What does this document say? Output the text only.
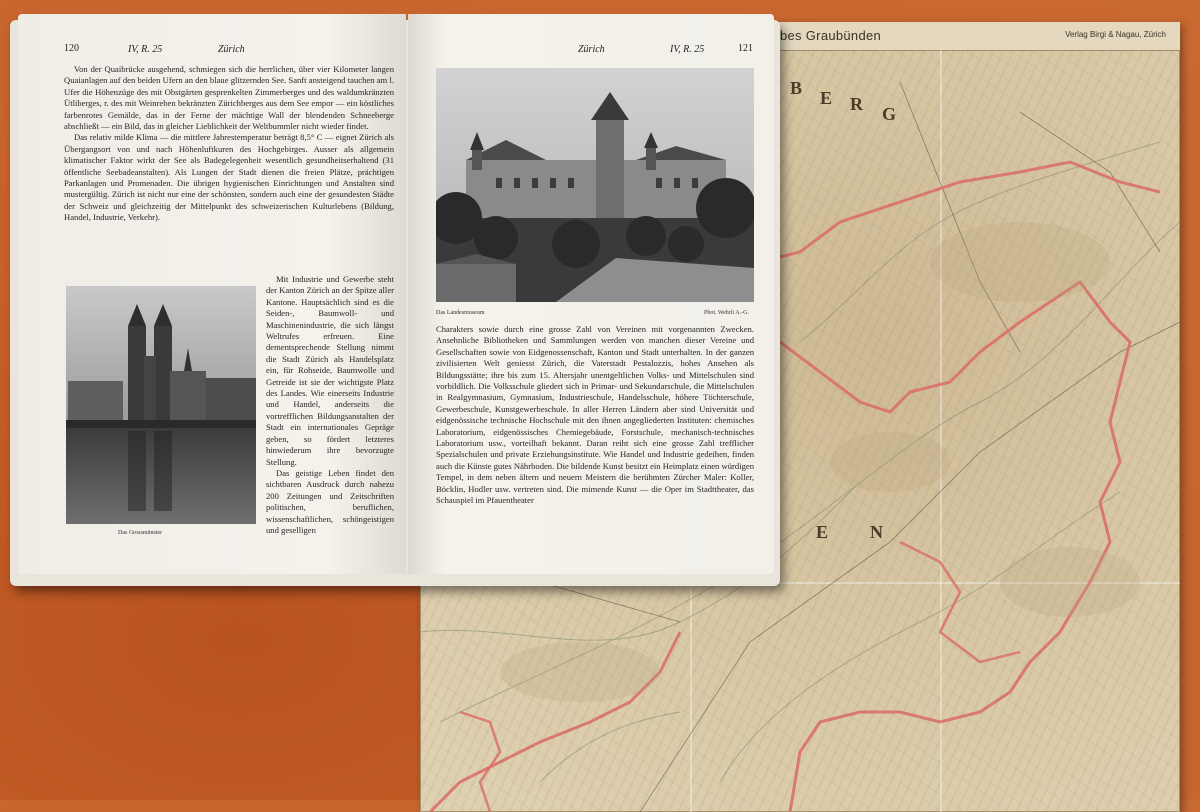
bes Graubünden	Verlag Birgi & Nagau, Zürich
B E R G
E N
120	IV, R. 25	Zürich

Von der Quaibrücke ausgehend, schmiegen sich die herrlichen, über vier Kilometer langen Quaianlagen auf den beiden Ufern an den blaue glitzernden See. Sanft ansteigend tauchen am l. Ufer die Höhenzüge des mit Obstgärten gesprenkelten Zimmerberges und des waldumkränzten Ütliberges, r. des mit Weinreben bekränzten Zürichberges aus dem See empor — ein köstliches farbenrotes Gemälde, das in der Ferne der mächtige Wall der blendenden Schneeberge abschließt — ein Bild, das in gleicher Lieblichkeit der Weltbummler nicht wieder findet.

Das relativ milde Klima — die mittlere Jahrestemperatur beträgt 8,5° C — eignet Zürich als Übergangsort von und nach Höhenluftkuren des Hochgebirges. Ausser als allgemein klimatischer Faktor wirkt der See als Badegelegenheit wesentlich gesundheitserhaltend (31 öffentliche Seebadeanstalten). Als Lungen der Stadt dienen die freien Plätze, prächtigen Parkanlagen und Promenaden. Die übrigen hygienischen Einrichtungen und Anstalten sind mustergültig. Zürich ist nicht nur eine der schönsten, sondern auch eine der gesundesten Städte der Schweiz und gleichzeitig der Mittelpunkt des schweizerischen Kulturlebens (Bildung, Handel, Industrie, Verkehr).

Das Grossmünster

Mit Industrie und Gewerbe steht der Kanton Zürich an der Spitze aller Kantone. Hauptsächlich sind es die Seiden-, Baumwoll- und Maschinenindustrie, die sich längst Weltrufes erfreuen. Eine dementsprechende Stellung nimmt die Stadt Zürich als Handelsplatz ein, für Rohseide, Baumwolle und Getreide ist sie der wichtigste Platz des Landes. Wie einerseits Industrie und Handel, anderseits die vortrefflichen Bildungsanstalten der Stadt ein internationales Gepräge geben, so fördert letzteres hinwiederum ihre bevorzugte Stellung.

Das geistige Leben findet den sichtbaren Ausdruck durch nahezu 200 Zeitungen und Zeitschriften politischen, beruflichen, wissenschaftlichen, schöngeistigen und geselligen

Zürich	IV, R. 25	121
Das Landesmuseum	Phot. Wehrli A.-G.

Charakters sowie durch eine grosse Zahl von Vereinen mit vorgenannten Zwecken. Ansehnliche Bibliotheken und Sammlungen werden von manchen dieser Vereine und Gesellschaften sowie von Eidgenossenschaft, Kanton und Stadt unterhalten. In der ganzen zivilisierten Welt geniesst Zürich, die Vaterstadt Pestalozzis, hohes Ansehen als Bildungsstätte; ihre bis zum 15. Altersjahr unentgeltlichen Volks- und Mittelschulen sind vorbildlich. Die Volksschule gliedert sich in Primar- und Sekundarschule, die Mittelschulen in Realgymnasium, Gymnasium, Industrieschule, Handelsschule, höhere Töchterschule, Gewerbeschule, Kunstgewerbeschule. In aller Herren Ländern aber sind Universität und eidgenössische technische Hochschule mit den ihnen angegliederten Instituten: chemisches Laboratorium, eidgenössisches Chemiegebäude, Forstschule, mechanisch-technisches Laboratorium usw., vorteilhaft bekannt. Daran reiht sich eine grosse Zahl trefflicher Spezialschulen und private Erziehungsinstitute. Wie Handel und Industrie gedeihen, finden auch die Künste gutes Nährboden. Die bildende Kunst besitzt ein Heimplatz einen würdigen Tempel, in dem neben ältern und neuern Meistern die berühmten Zürcher Maler: Koller, Böcklin, Hodler usw. vertreten sind. Die mimende Kunst — die Oper im Stadttheater, das Schauspiel im Pfauentheater
